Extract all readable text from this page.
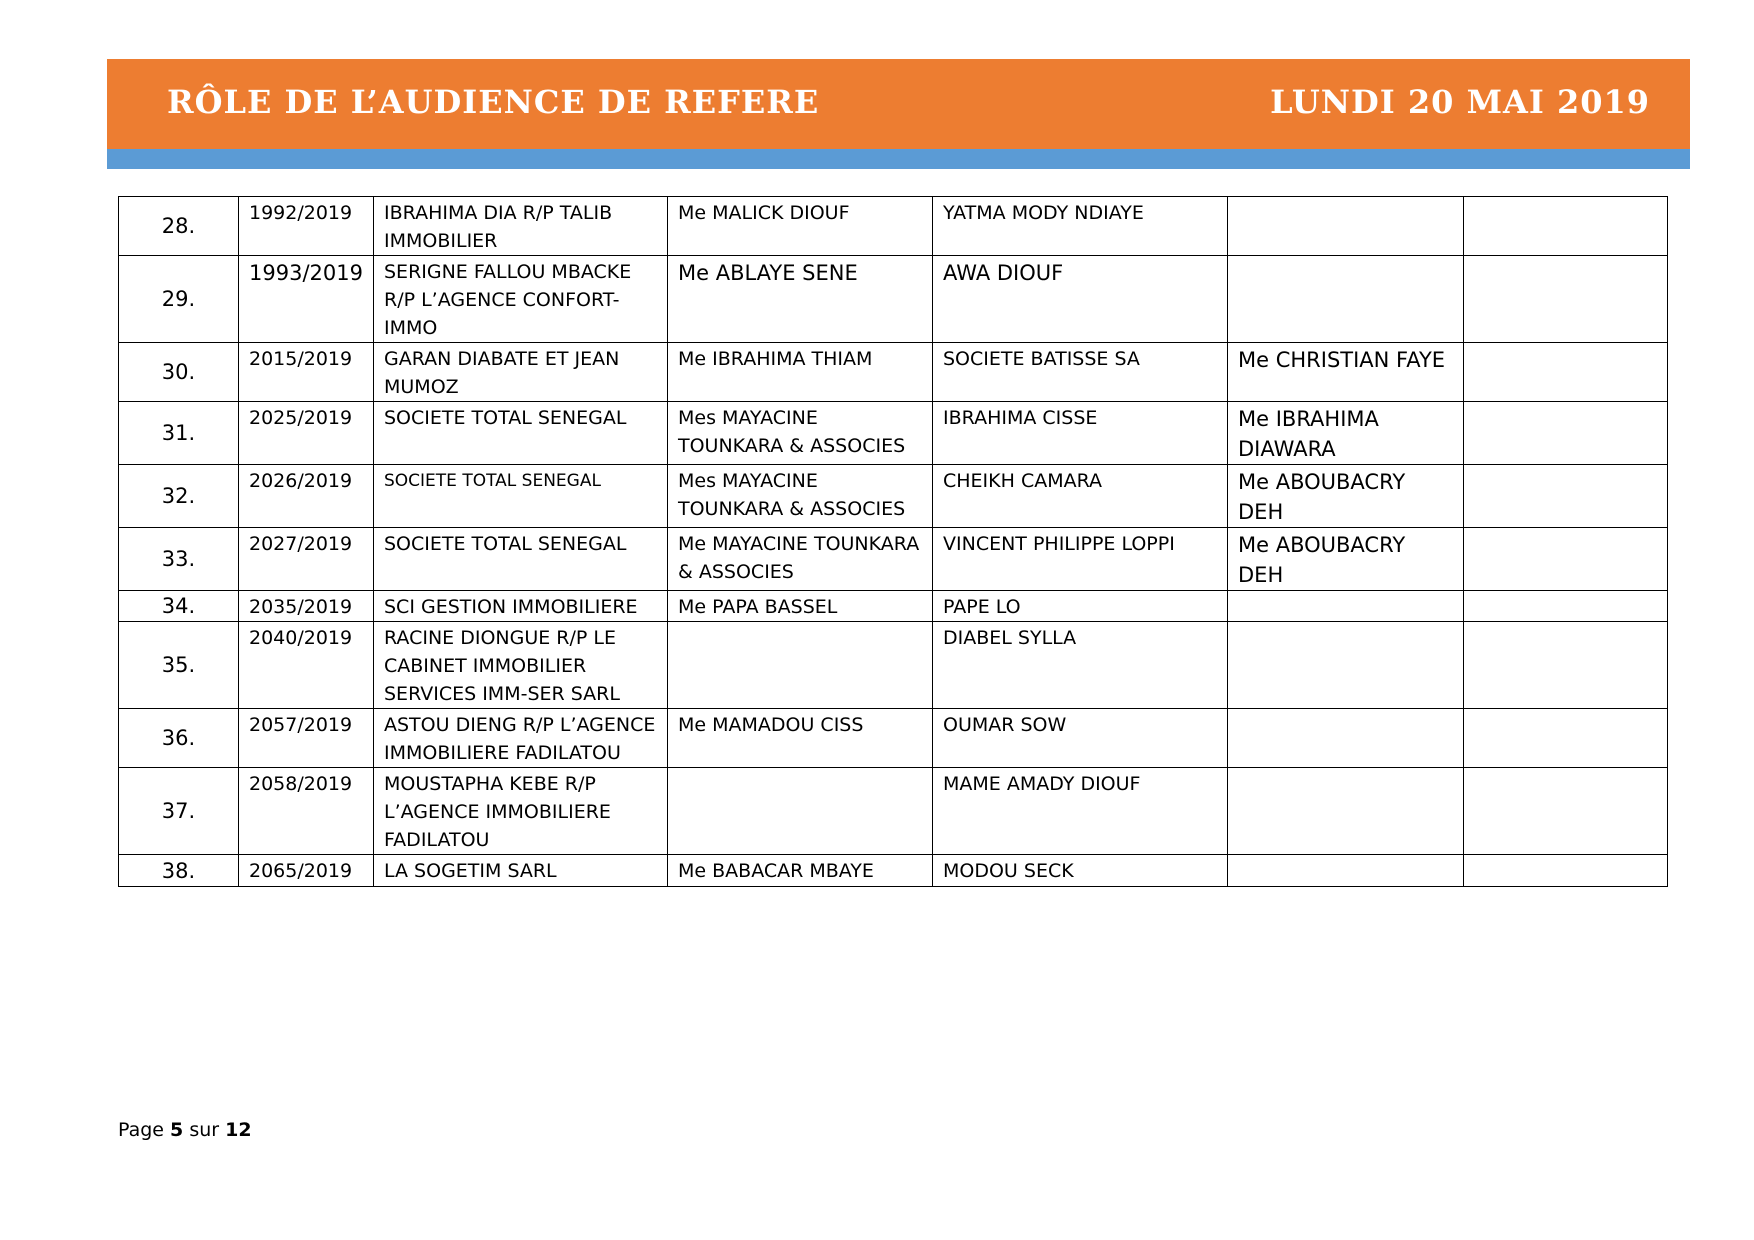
RÔLE DE L’AUDIENCE DE REFERE	LUNDI 20 MAI 2019
28.	1992/2019	IBRAHIMA DIA R/P TALIB IMMOBILIER	Me MALICK DIOUF	YATMA MODY NDIAYE		
29.	1993/2019	SERIGNE FALLOU MBACKE R/P L’AGENCE CONFORT-IMMO	Me ABLAYE SENE	AWA DIOUF		
30.	2015/2019	GARAN DIABATE ET JEAN MUMOZ	Me IBRAHIMA THIAM	SOCIETE BATISSE SA	Me CHRISTIAN FAYE	
31.	2025/2019	SOCIETE TOTAL SENEGAL	Mes MAYACINE TOUNKARA & ASSOCIES	IBRAHIMA CISSE	Me IBRAHIMA DIAWARA	
32.	2026/2019	SOCIETE TOTAL SENEGAL	Mes MAYACINE TOUNKARA & ASSOCIES	CHEIKH CAMARA	Me ABOUBACRY DEH	
33.	2027/2019	SOCIETE TOTAL SENEGAL	Me MAYACINE TOUNKARA & ASSOCIES	VINCENT PHILIPPE LOPPI	Me ABOUBACRY DEH	
34.	2035/2019	SCI GESTION IMMOBILIERE	Me PAPA BASSEL	PAPE LO		
35.	2040/2019	RACINE DIONGUE R/P LE CABINET IMMOBILIER SERVICES IMM-SER SARL		DIABEL SYLLA		
36.	2057/2019	ASTOU DIENG R/P L’AGENCE IMMOBILIERE FADILATOU	Me MAMADOU CISS	OUMAR SOW		
37.	2058/2019	MOUSTAPHA KEBE R/P L’AGENCE IMMOBILIERE FADILATOU		MAME AMADY DIOUF		
38.	2065/2019	LA SOGETIM SARL	Me BABACAR MBAYE	MODOU SECK		
Page 5 sur 12
